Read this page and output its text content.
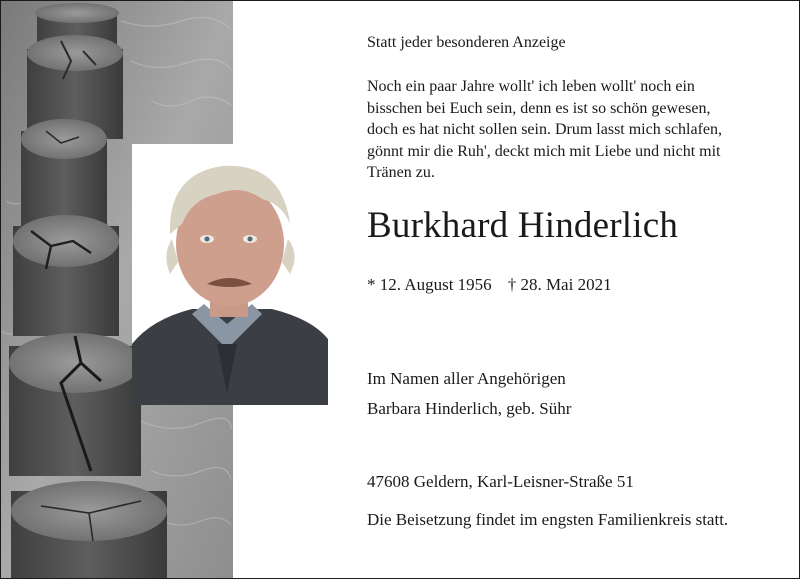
Statt jeder besonderen Anzeige
Noch ein paar Jahre wollt' ich leben wollt' noch ein
bisschen bei Euch sein, denn es ist so schön gewesen,
doch es hat nicht sollen sein. Drum lasst mich schlafen,
gönnt mir die Ruh', deckt mich mit Liebe und nicht mit
Tränen zu.
Burkhard Hinderlich
* 12. August 1956 † 28. Mai 2021
Im Namen aller Angehörigen
Barbara Hinderlich, geb. Sühr
47608 Geldern, Karl-Leisner-Straße 51
Die Beisetzung findet im engsten Familienkreis statt.
